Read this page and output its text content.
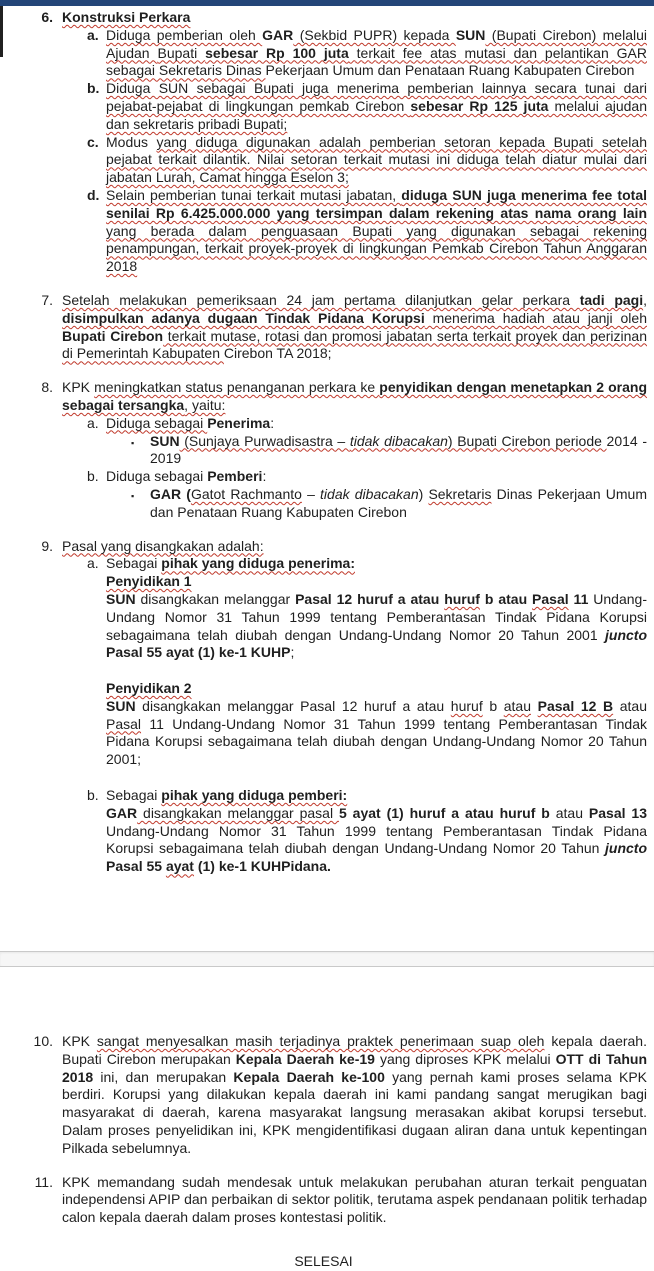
6. Konstruksi Perkara
a. Diduga pemberian oleh GAR (Sekbid PUPR) kepada SUN (Bupati Cirebon) melalui Ajudan Bupati sebesar Rp 100 juta terkait fee atas mutasi dan pelantikan GAR sebagai Sekretaris Dinas Pekerjaan Umum dan Penataan Ruang Kabupaten Cirebon
b. Diduga SUN sebagai Bupati juga menerima pemberian lainnya secara tunai dari pejabat-pejabat di lingkungan pemkab Cirebon sebesar Rp 125 juta melalui ajudan dan sekretaris pribadi Bupati;
c. Modus yang diduga digunakan adalah pemberian setoran kepada Bupati setelah pejabat terkait dilantik. Nilai setoran terkait mutasi ini diduga telah diatur mulai dari jabatan Lurah, Camat hingga Eselon 3;
d. Selain pemberian tunai terkait mutasi jabatan, diduga SUN juga menerima fee total senilai Rp 6.425.000.000 yang tersimpan dalam rekening atas nama orang lain yang berada dalam penguasaan Bupati yang digunakan sebagai rekening penampungan, terkait proyek-proyek di lingkungan Pemkab Cirebon Tahun Anggaran 2018
7. Setelah melakukan pemeriksaan 24 jam pertama dilanjutkan gelar perkara tadi pagi, disimpulkan adanya dugaan Tindak Pidana Korupsi menerima hadiah atau janji oleh Bupati Cirebon terkait mutase, rotasi dan promosi jabatan serta terkait proyek dan perizinan di Pemerintah Kabupaten Cirebon TA 2018;
8. KPK meningkatkan status penanganan perkara ke penyidikan dengan menetapkan 2 orang sebagai tersangka, yaitu:
a. Diduga sebagai Penerima:
▪ SUN (Sunjaya Purwadisastra – tidak dibacakan) Bupati Cirebon periode 2014 - 2019
b. Diduga sebagai Pemberi:
▪ GAR (Gatot Rachmanto – tidak dibacakan) Sekretaris Dinas Pekerjaan Umum dan Penataan Ruang Kabupaten Cirebon
9. Pasal yang disangkakan adalah:
a. Sebagai pihak yang diduga penerima:
Penyidikan 1
SUN disangkakan melanggar Pasal 12 huruf a atau huruf b atau Pasal 11 Undang-Undang Nomor 31 Tahun 1999 tentang Pemberantasan Tindak Pidana Korupsi sebagaimana telah diubah dengan Undang-Undang Nomor 20 Tahun 2001 juncto Pasal 55 ayat (1) ke-1 KUHP;
Penyidikan 2
SUN disangkakan melanggar Pasal 12 huruf a atau huruf b atau Pasal 12 B atau Pasal 11 Undang-Undang Nomor 31 Tahun 1999 tentang Pemberantasan Tindak Pidana Korupsi sebagaimana telah diubah dengan Undang-Undang Nomor 20 Tahun 2001;
b. Sebagai pihak yang diduga pemberi:
GAR disangkakan melanggar pasal 5 ayat (1) huruf a atau huruf b atau Pasal 13 Undang-Undang Nomor 31 Tahun 1999 tentang Pemberantasan Tindak Pidana Korupsi sebagaimana telah diubah dengan Undang-Undang Nomor 20 Tahun juncto Pasal 55 ayat (1) ke-1 KUHPidana.
10. KPK sangat menyesalkan masih terjadinya praktek penerimaan suap oleh kepala daerah. Bupati Cirebon merupakan Kepala Daerah ke-19 yang diproses KPK melalui OTT di Tahun 2018 ini, dan merupakan Kepala Daerah ke-100 yang pernah kami proses selama KPK berdiri. Korupsi yang dilakukan kepala daerah ini kami pandang sangat merugikan bagi masyarakat di daerah, karena masyarakat langsung merasakan akibat korupsi tersebut. Dalam proses penyelidikan ini, KPK mengidentifikasi dugaan aliran dana untuk kepentingan Pilkada sebelumnya.
11. KPK memandang sudah mendesak untuk melakukan perubahan aturan terkait penguatan independensi APIP dan perbaikan di sektor politik, terutama aspek pendanaan politik terhadap calon kepala daerah dalam proses kontestasi politik.

SELESAI
